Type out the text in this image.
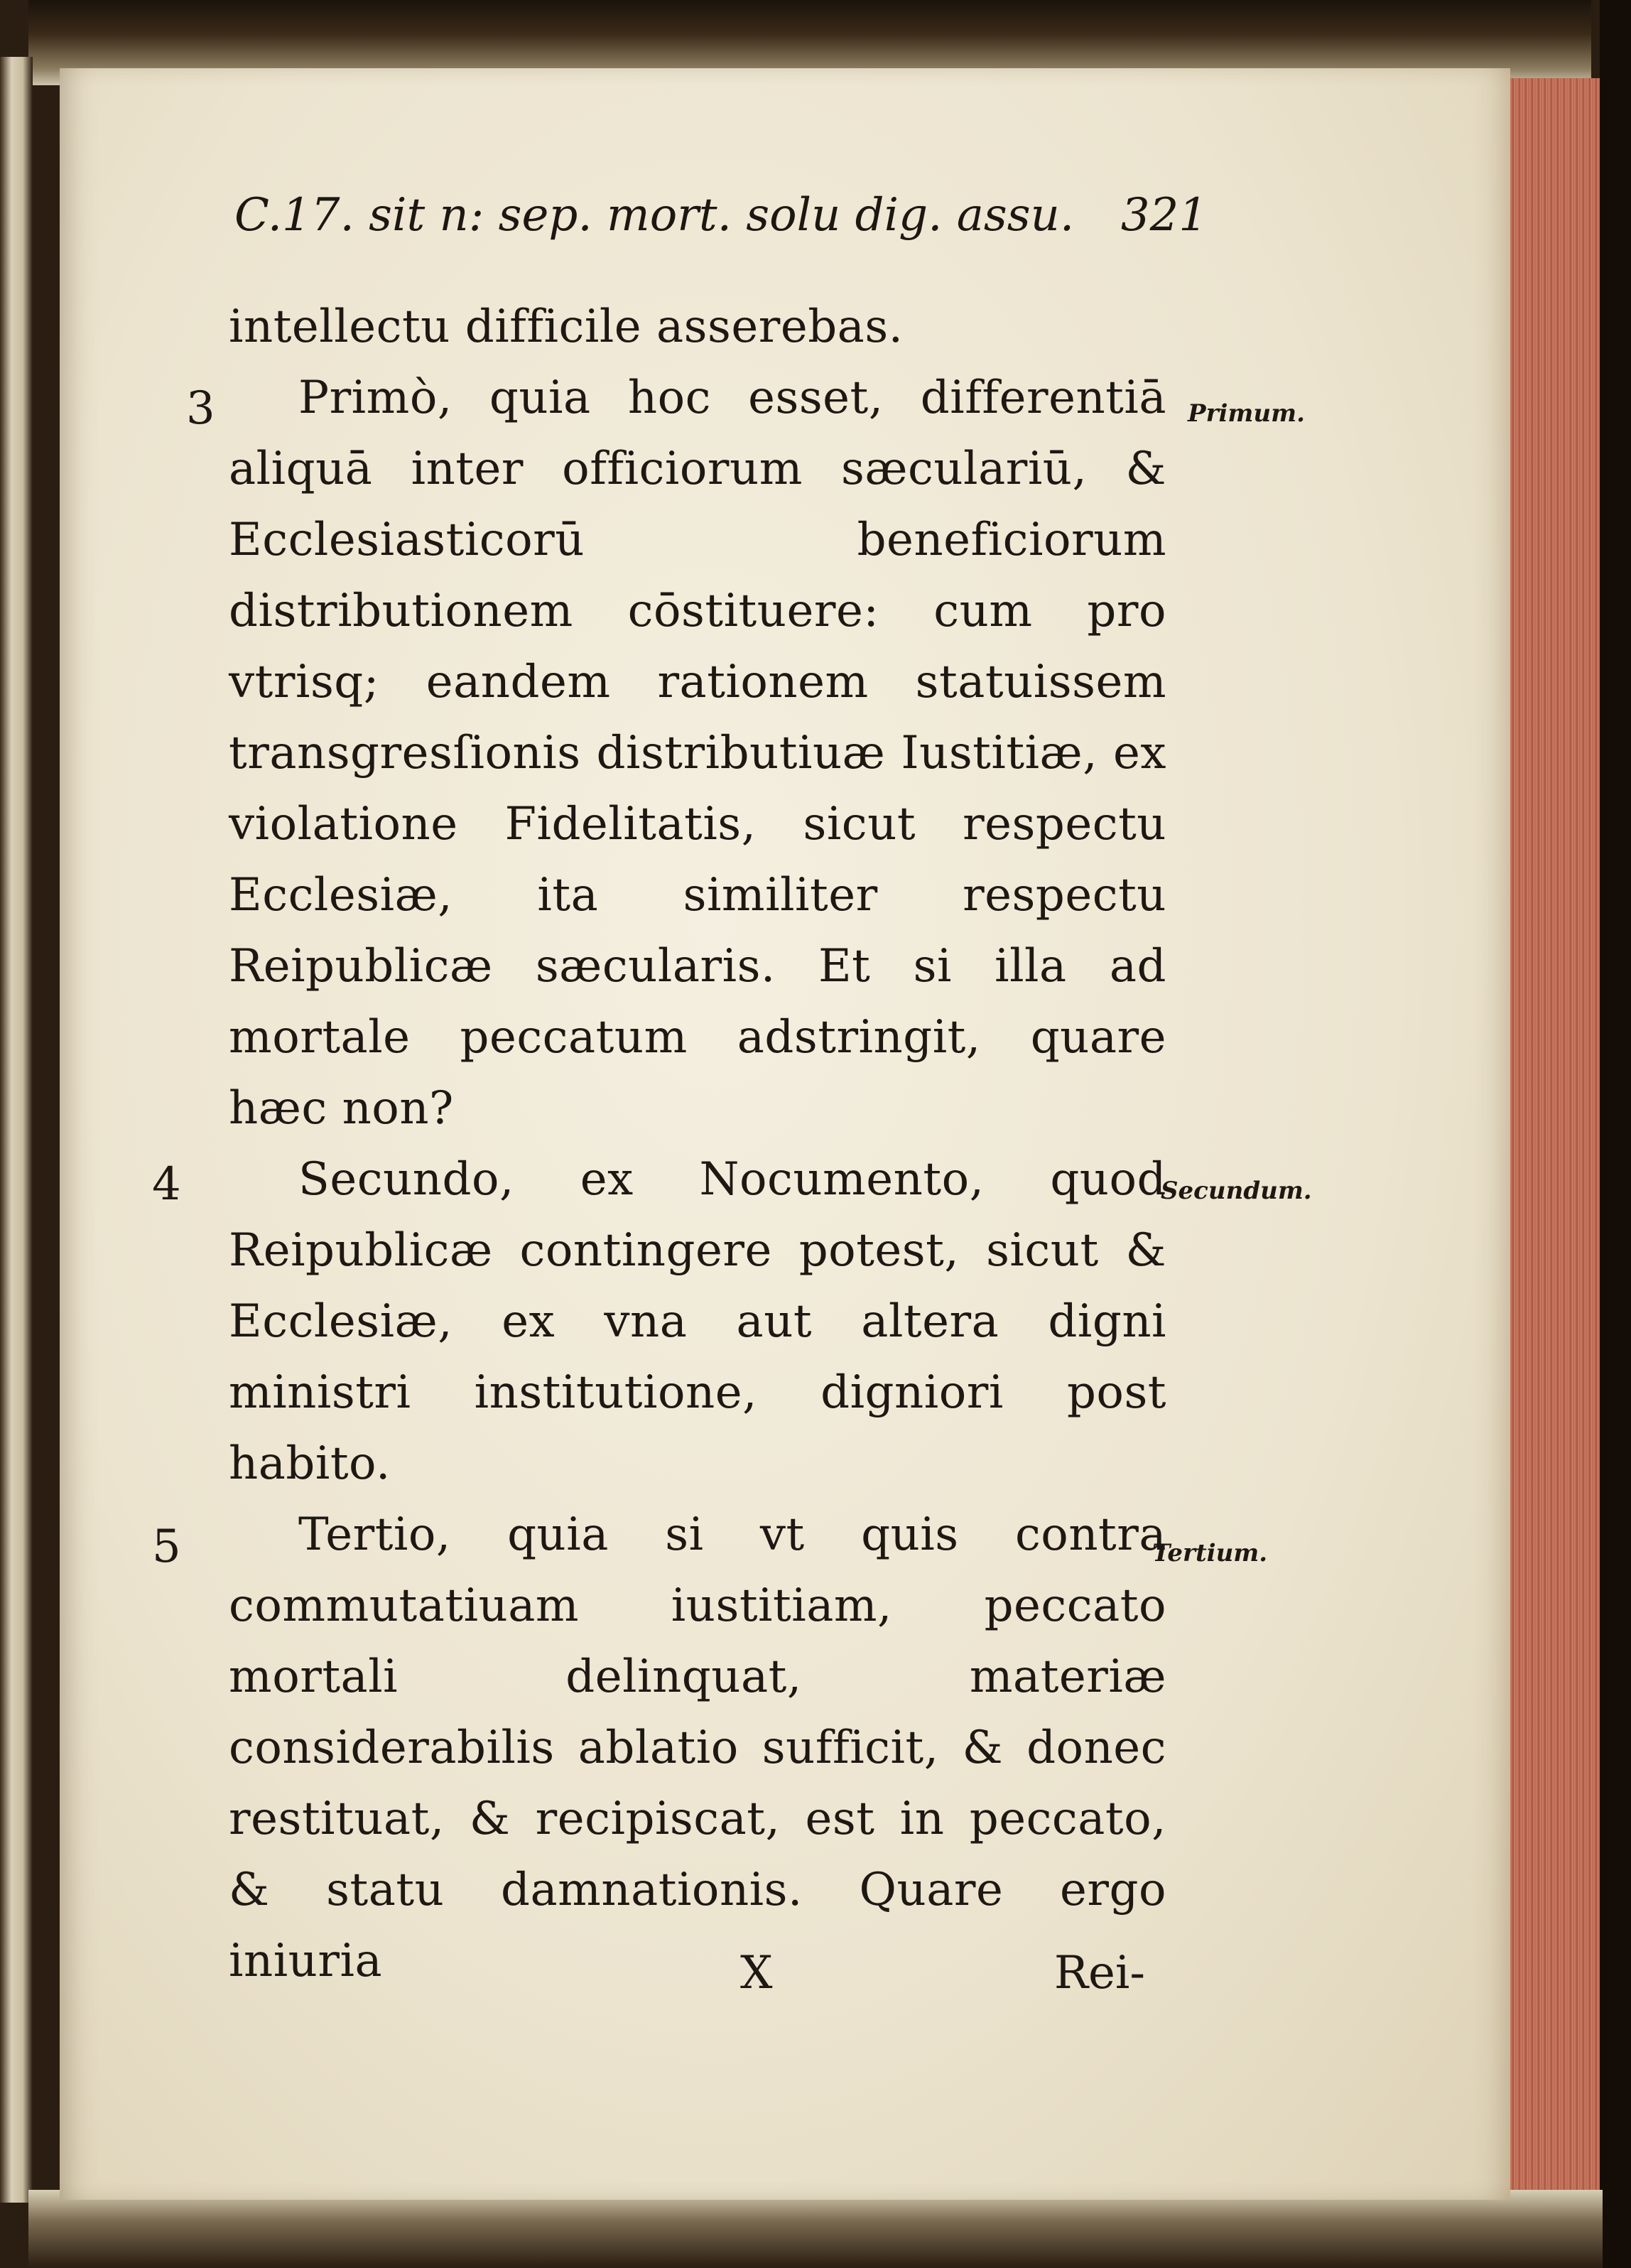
C.17. sit n: sep. mort. solu dig. assu. 321

intellectu difficile asserebas.

Primò, quia hoc esset, differentiā aliquā inter officiorum sæculariū, & Ecclesiasticorū beneficiorum distributionem cōstituere: cum pro vtrisq; eandem rationem statuissem transgresſionis distributiuæ Iustitiæ, ex violatione Fidelitatis, sicut respectu Ecclesiæ, ita similiter respectu Reipublicæ sæcularis. Et si illa ad mortale peccatum adstringit, quare hæc non?

Secundo, ex Nocumento, quod Reipublicæ contingere potest, sicut & Ecclesiæ, ex vna aut altera digni ministri institutione, digniori post habito.

Tertio, quia si vt quis contra commutatiuam iustitiam, peccato mortali delinquat, materiæ considerabilis ablatio sufficit, & donec restituat, & recipiscat, est in peccato, & statu damnationis. Quare ergo iniuria

3
4
5
Primum.
Secundum.
Tertium.
X	Rei-
